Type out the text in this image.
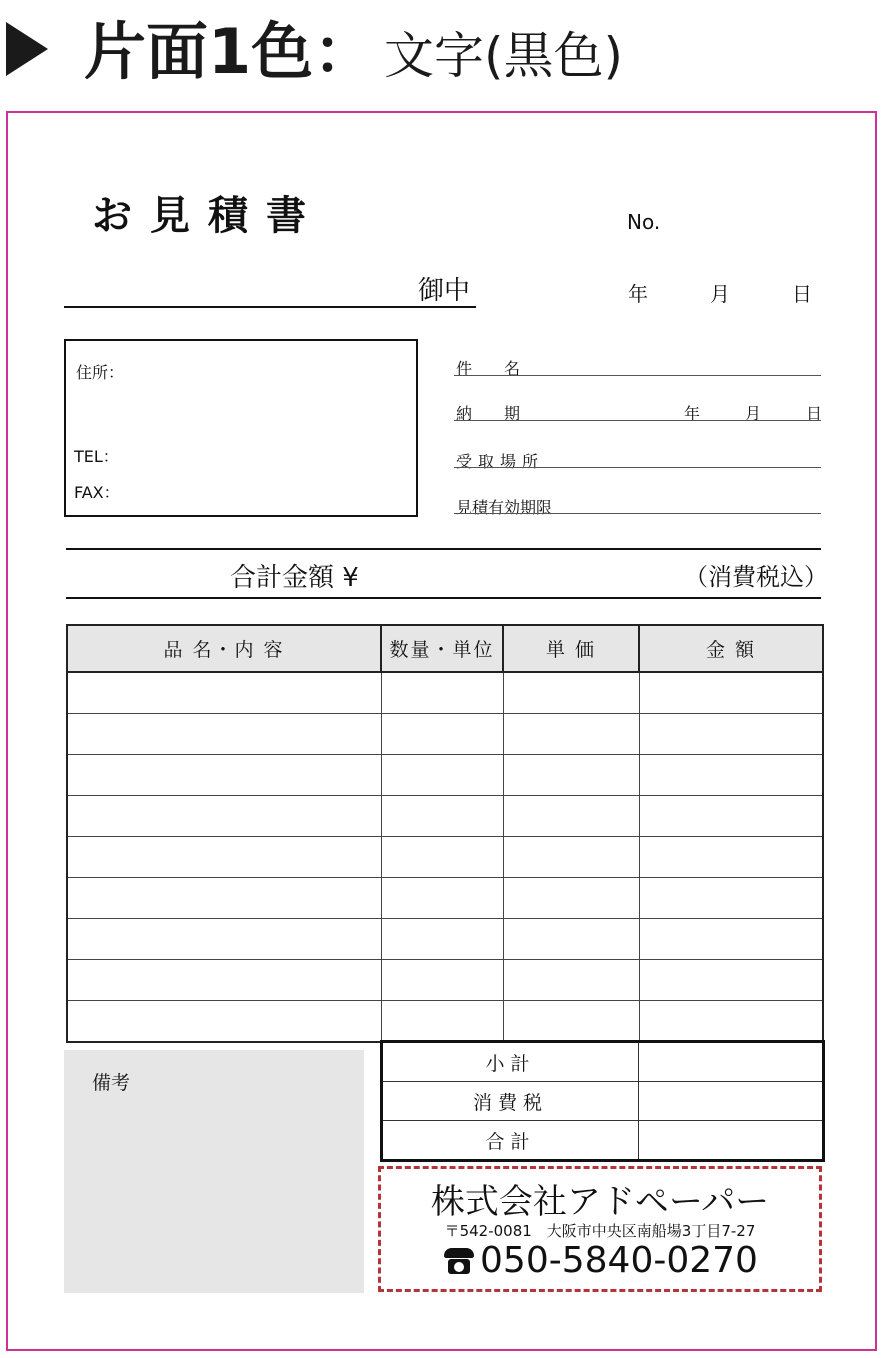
片面1色： 文字(黒色)
お見積書	No.
御中	年	月	日
住所：
TEL：
FAX：
件　　名
納　　期	年	月	日
受取場所
見積有効期限
合計金額 ¥	（消費税込）
品 名・内 容	数量・単位	単 価	金 額

備考
小計	
消費税	
合計	
株式会社アドペーパー
〒542-0081　大阪市中央区南船場3丁目7-27
050-5840-0270
